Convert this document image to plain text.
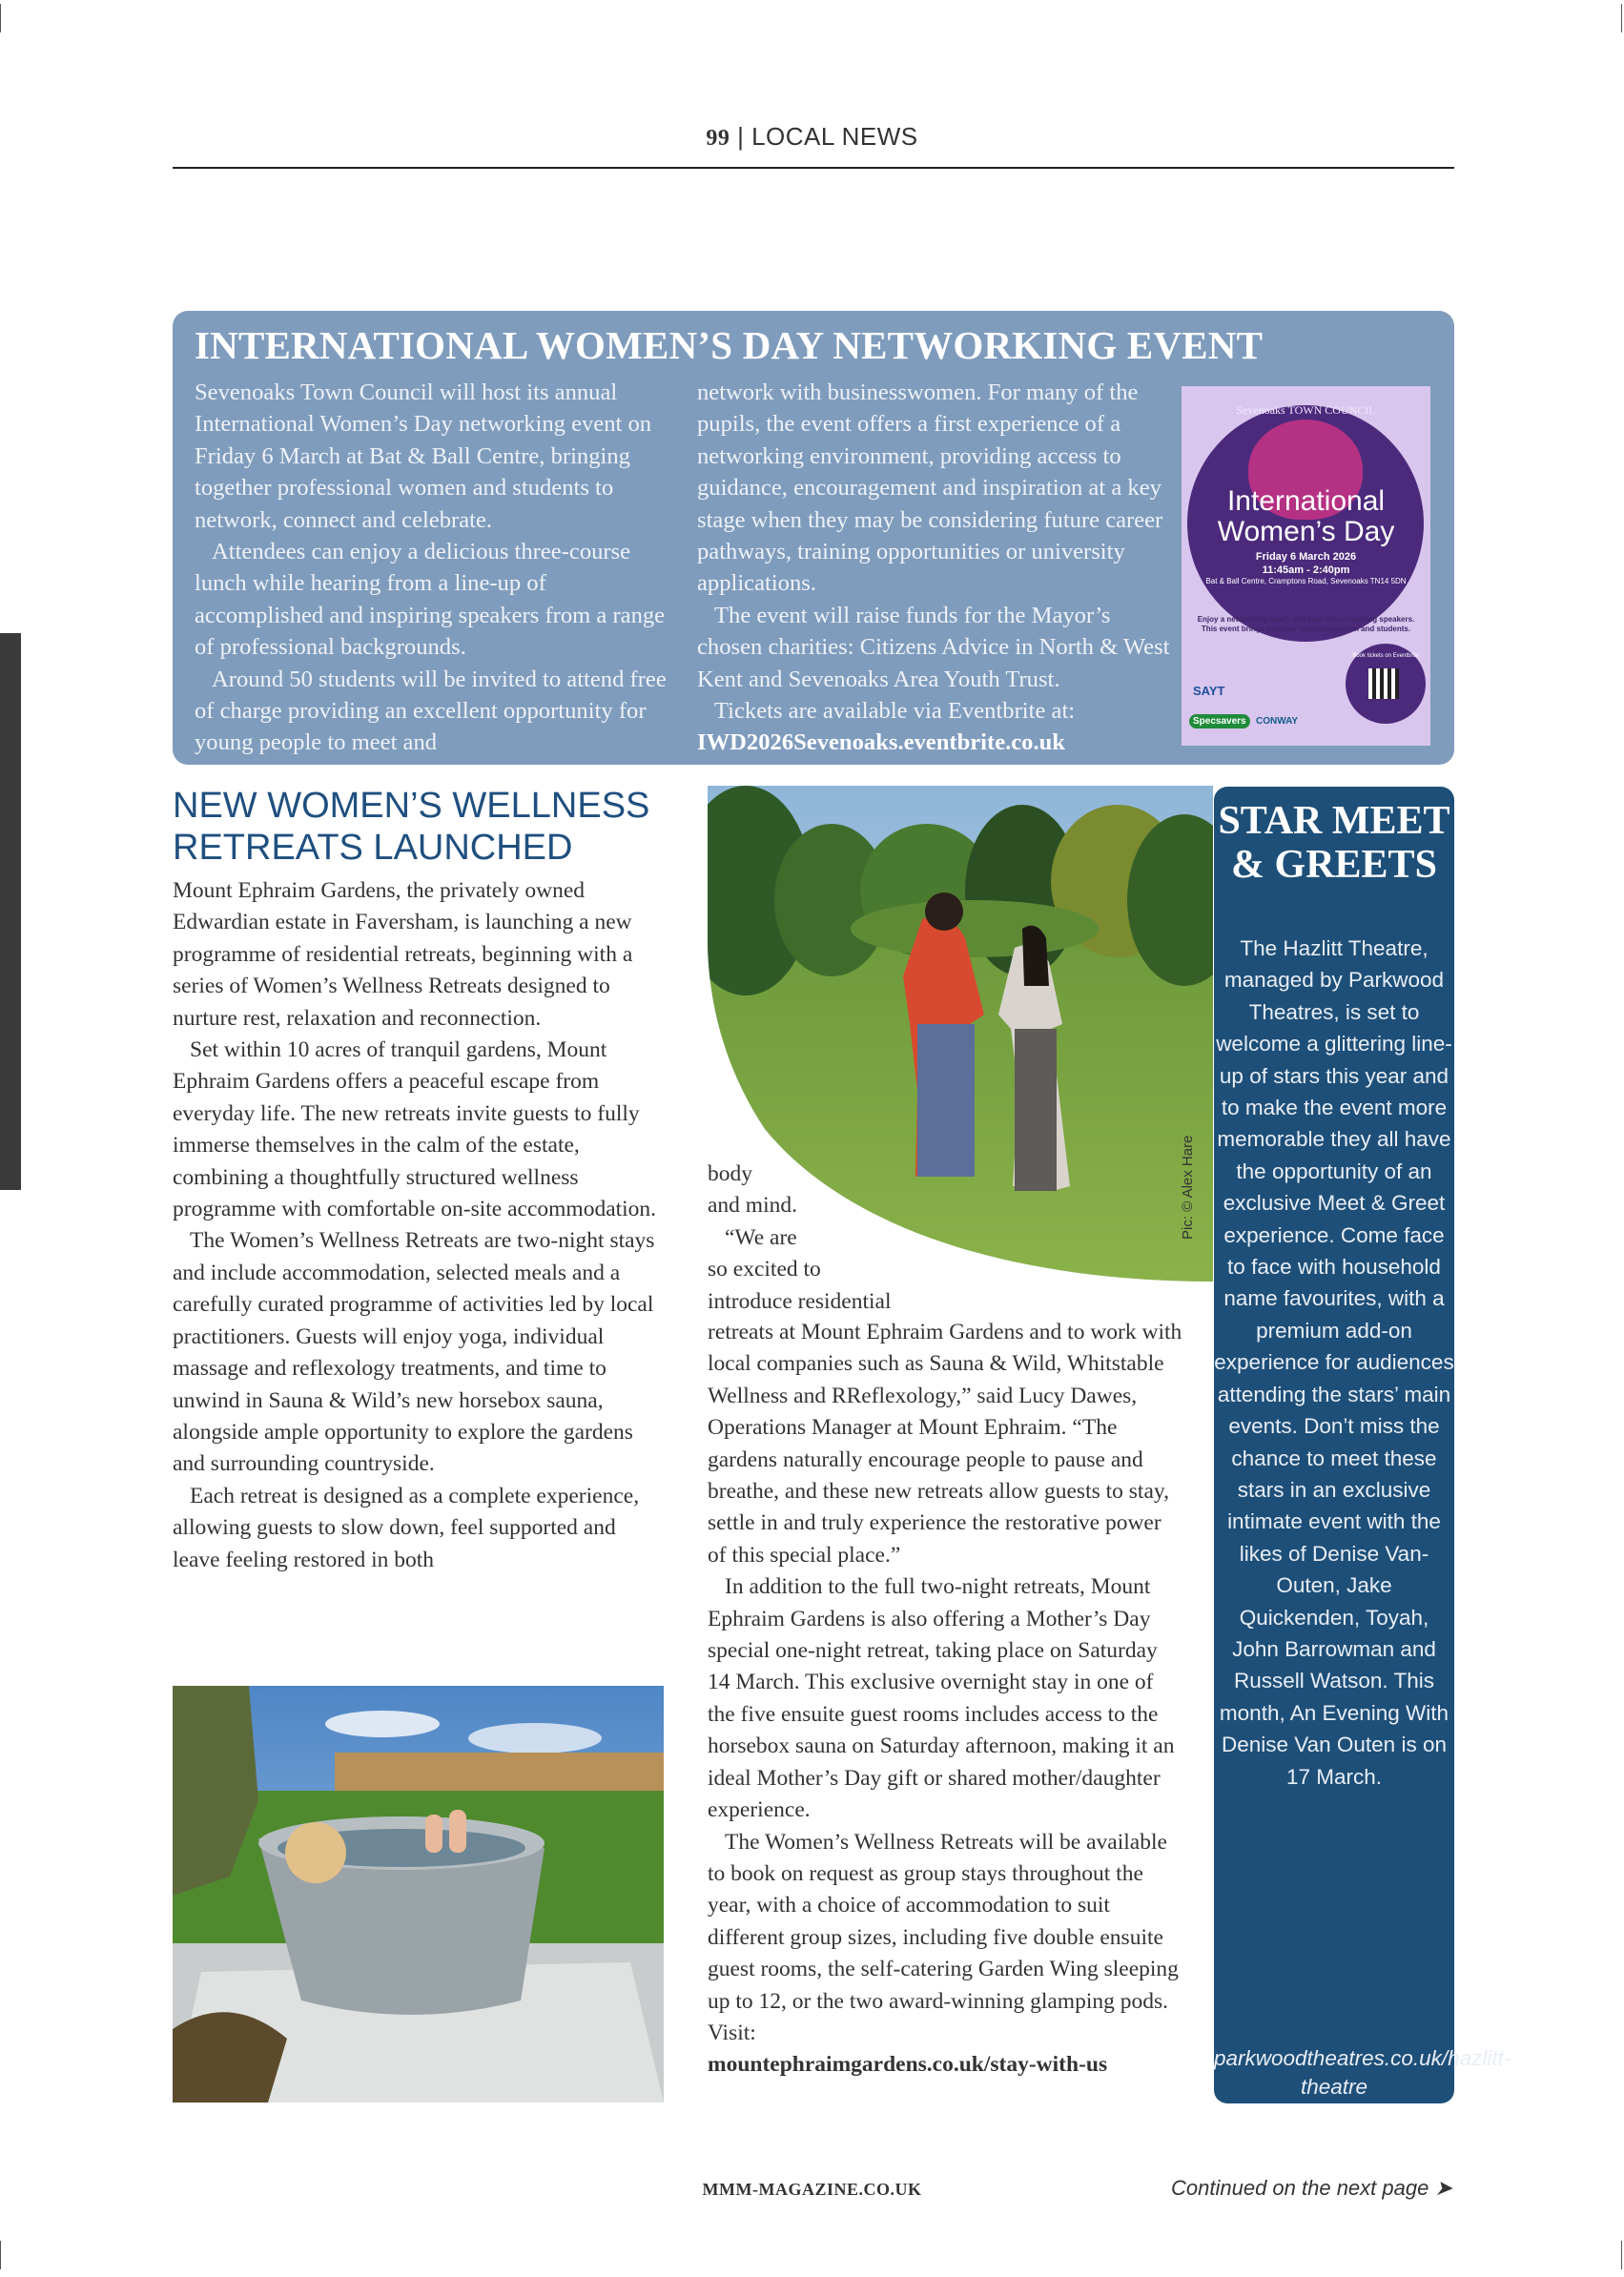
99 | LOCAL NEWS
INTERNATIONAL WOMEN’S DAY NETWORKING EVENT

Sevenoaks Town Council will host its annual International Women’s Day networking event on Friday 6 March at Bat & Ball Centre, bringing together professional women and students to network, connect and celebrate.

Attendees can enjoy a delicious three-course lunch while hearing from a line-up of accomplished and inspiring speakers from a range of professional backgrounds.

Around 50 students will be invited to attend free of charge providing an excellent opportunity for young people to meet and

network with businesswomen. For many of the pupils, the event offers a first experience of a networking environment, providing access to guidance, encouragement and inspiration at a key stage when they may be considering future career pathways, training opportunities or university applications.

The event will raise funds for the Mayor’s chosen charities: Citizens Advice in North & West Kent and Sevenoaks Area Youth Trust.

Tickets are available via Eventbrite at:

IWD2026Sevenoaks.eventbrite.co.uk
Sevenoaks TOWN COUNCIL
International
Women’s Day
Friday 6 March 2026
11:45am - 2:40pm
Bat & Ball Centre, Cramptons Road, Sevenoaks TN14 5DN
Enjoy a networking lunch and hear from inspiring speakers. This event brings together businesswomen and students.
Book tickets on Eventbrite
SAYT
Specsavers	CONWAY
NEW WOMEN’S WELLNESS RETREATS LAUNCHED

Mount Ephraim Gardens, the privately owned Edwardian estate in Faversham, is launching a new programme of residential retreats, beginning with a series of Women’s Wellness Retreats designed to nurture rest, relaxation and reconnection.

Set within 10 acres of tranquil gardens, Mount Ephraim Gardens offers a peaceful escape from everyday life. The new retreats invite guests to fully immerse themselves in the calm of the estate, combining a thoughtfully structured wellness programme with comfortable on-site accommodation.

The Women’s Wellness Retreats are two-night stays and include accommodation, selected meals and a carefully curated programme of activities led by local practitioners. Guests will enjoy yoga, individual massage and reflexology treatments, and time to unwind in Sauna & Wild’s new horsebox sauna, alongside ample opportunity to explore the gardens and surrounding countryside.

Each retreat is designed as a complete experience, allowing guests to slow down, feel supported and leave feeling restored in both

body
and mind.
“We are
so excited to
introduce residential

retreats at Mount Ephraim Gardens and to work with local companies such as Sauna & Wild, Whitstable Wellness and RReflexology,” said Lucy Dawes, Operations Manager at Mount Ephraim. “The gardens naturally encourage people to pause and breathe, and these new retreats allow guests to stay, settle in and truly experience the restorative power of this special place.”

In addition to the full two-night retreats, Mount Ephraim Gardens is also offering a Mother’s Day special one-night retreat, taking place on Saturday 14 March. This exclusive overnight stay in one of the five ensuite guest rooms includes access to the horsebox sauna on Saturday afternoon, making it an ideal Mother’s Day gift or shared mother/daughter experience.

The Women’s Wellness Retreats will be available to book on request as group stays throughout the year, with a choice of accommodation to suit different group sizes, including five double ensuite guest rooms, the self-catering Garden Wing sleeping up to 12, or the two award-winning glamping pods. Visit:

mountephraimgardens.co.uk/stay-with-us
Pic: © Alex Hare
STAR MEET & GREETS
The Hazlitt Theatre, managed by Parkwood Theatres, is set to welcome a glittering line-up of stars this year and to make the event more memorable they all have the opportunity of an exclusive Meet & Greet experience. Come face to face with household name favourites, with a premium add-on experience for audiences attending the stars’ main events. Don’t miss the chance to meet these stars in an exclusive intimate event with the likes of Denise Van-Outen, Jake Quickenden, Toyah, John Barrowman and Russell Watson. This month, An Evening With Denise Van Outen is on 17 March.
parkwoodtheatres.co.uk/hazlitt-theatre
MMM-MAGAZINE.CO.UK	Continued on the next page ➤
